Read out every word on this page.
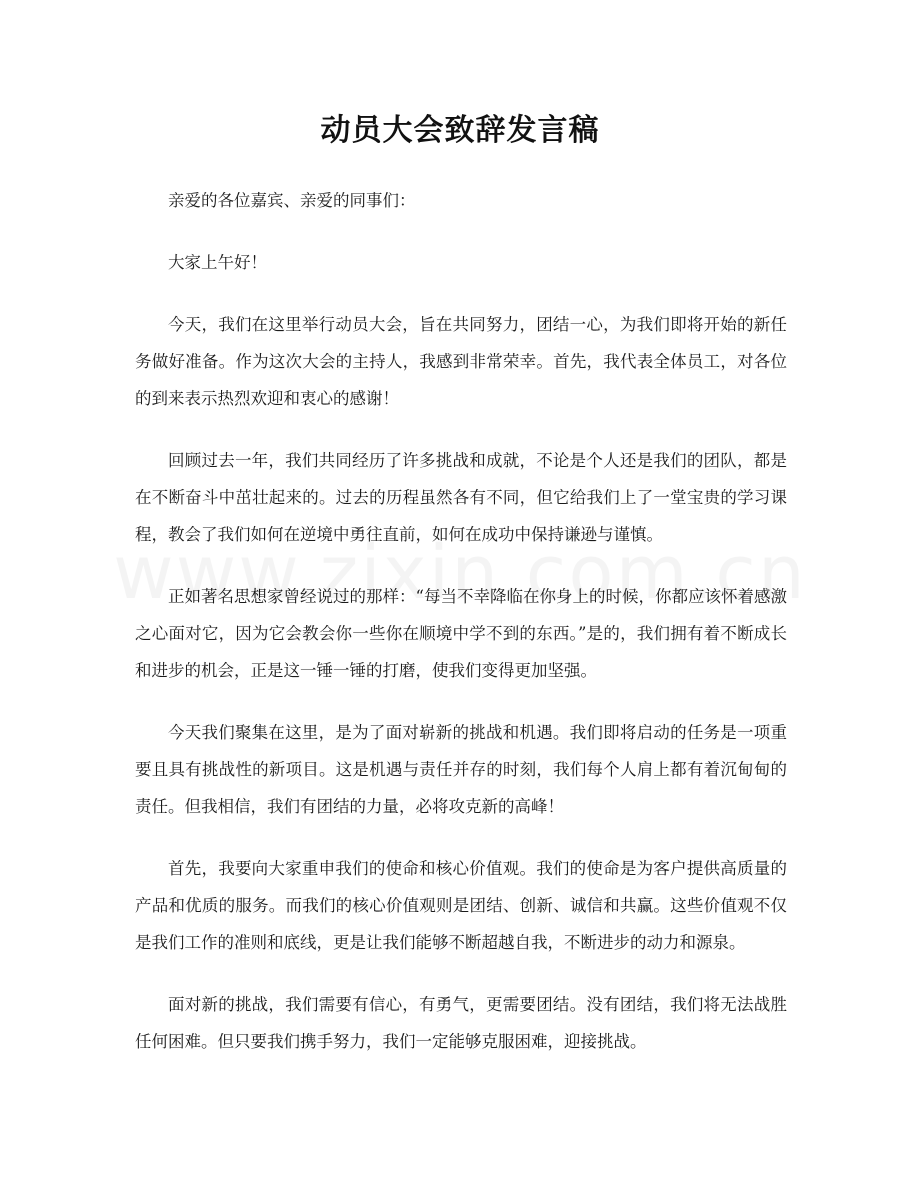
动员大会致辞发言稿

亲爱的各位嘉宾、亲爱的同事们：

大家上午好！

今天，我们在这里举行动员大会，旨在共同努力，团结一心，为我们即将开始的新任务做好准备。作为这次大会的主持人，我感到非常荣幸。首先，我代表全体员工，对各位的到来表示热烈欢迎和衷心的感谢！

回顾过去一年，我们共同经历了许多挑战和成就，不论是个人还是我们的团队，都是在不断奋斗中茁壮起来的。过去的历程虽然各有不同，但它给我们上了一堂宝贵的学习课程，教会了我们如何在逆境中勇往直前，如何在成功中保持谦逊与谨慎。

正如著名思想家曾经说过的那样：“每当不幸降临在你身上的时候，你都应该怀着感激之心面对它，因为它会教会你一些你在顺境中学不到的东西。”是的，我们拥有着不断成长和进步的机会，正是这一锤一锤的打磨，使我们变得更加坚强。

今天我们聚集在这里，是为了面对崭新的挑战和机遇。我们即将启动的任务是一项重要且具有挑战性的新项目。这是机遇与责任并存的时刻，我们每个人肩上都有着沉甸甸的责任。但我相信，我们有团结的力量，必将攻克新的高峰！

首先，我要向大家重申我们的使命和核心价值观。我们的使命是为客户提供高质量的产品和优质的服务。而我们的核心价值观则是团结、创新、诚信和共赢。这些价值观不仅是我们工作的准则和底线，更是让我们能够不断超越自我，不断进步的动力和源泉。

面对新的挑战，我们需要有信心，有勇气，更需要团结。没有团结，我们将无法战胜任何困难。但只要我们携手努力，我们一定能够克服困难，迎接挑战。
